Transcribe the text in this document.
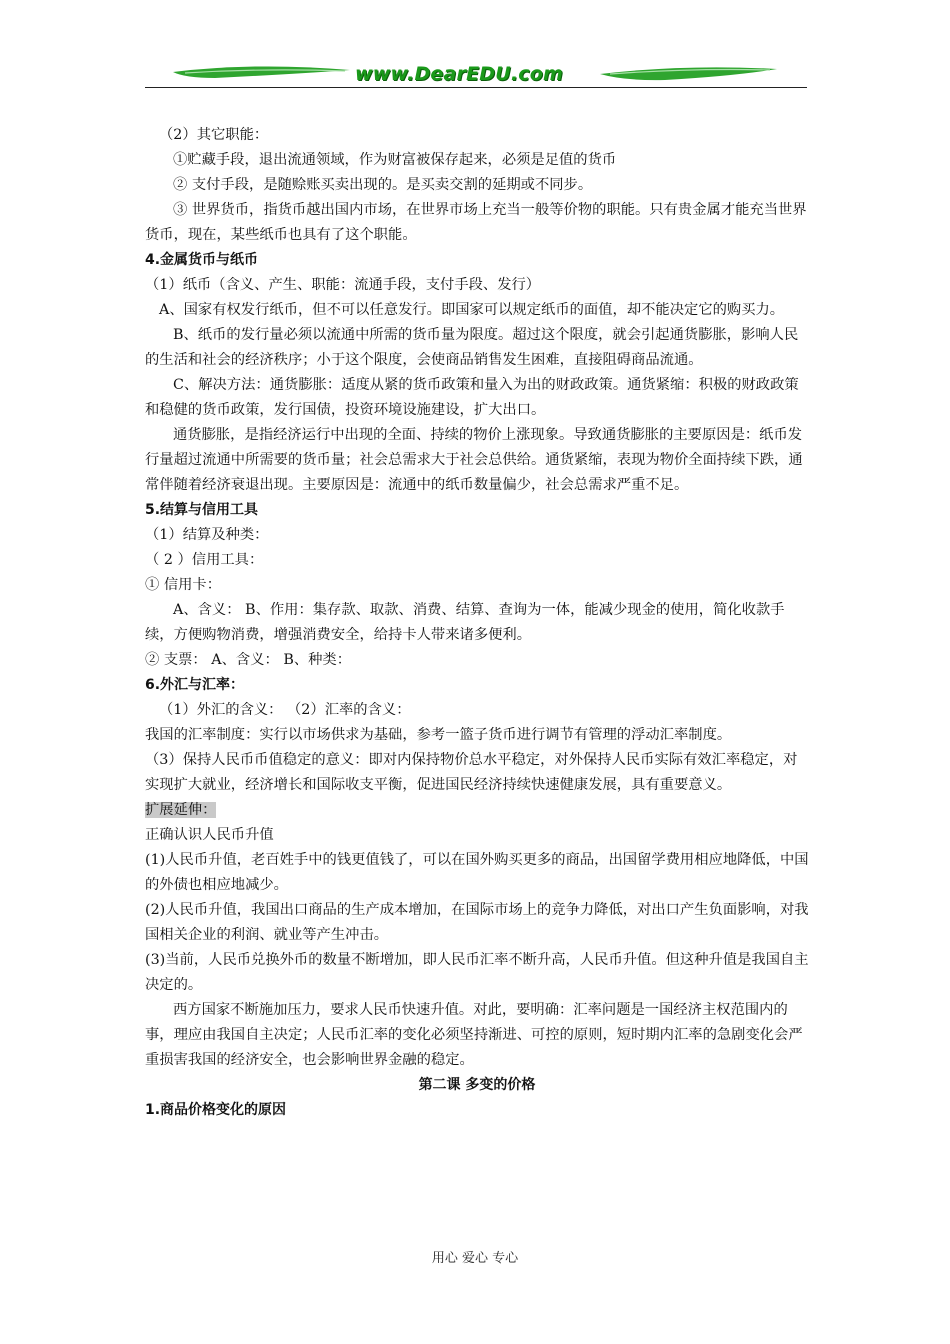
www.DearEDU.com

（2）其它职能：

①贮藏手段，退出流通领域，作为财富被保存起来，必须是足值的货币

② 支付手段，是随赊账买卖出现的。是买卖交割的延期或不同步。

③ 世界货币，指货币越出国内市场，在世界市场上充当一般等价物的职能。只有贵金属才能充当世界货币，现在，某些纸币也具有了这个职能。

4.金属货币与纸币

（1）纸币（含义、产生、职能：流通手段，支付手段、发行）

A、国家有权发行纸币，但不可以任意发行。即国家可以规定纸币的面值，却不能决定它的购买力。

B、纸币的发行量必须以流通中所需的货币量为限度。超过这个限度，就会引起通货膨胀，影响人民的生活和社会的经济秩序；小于这个限度，会使商品销售发生困难，直接阻碍商品流通。

C、解决方法：通货膨胀：适度从紧的货币政策和量入为出的财政政策。通货紧缩：积极的财政政策和稳健的货币政策，发行国债，投资环境设施建设，扩大出口。

通货膨胀，是指经济运行中出现的全面、持续的物价上涨现象。导致通货膨胀的主要原因是：纸币发行量超过流通中所需要的货币量；社会总需求大于社会总供给。通货紧缩，表现为物价全面持续下跌，通常伴随着经济衰退出现。主要原因是：流通中的纸币数量偏少，社会总需求严重不足。

5.结算与信用工具

（1）结算及种类：

（ 2 ）信用工具：

① 信用卡：

A、含义： B、作用：集存款、取款、消费、结算、查询为一体，能减少现金的使用，简化收款手续，方便购物消费，增强消费安全，给持卡人带来诸多便利。

② 支票： A、含义： B、种类：

6.外汇与汇率：

（1）外汇的含义： （2）汇率的含义：

我国的汇率制度：实行以市场供求为基础，参考一篮子货币进行调节有管理的浮动汇率制度。

（3）保持人民币币值稳定的意义：即对内保持物价总水平稳定，对外保持人民币实际有效汇率稳定，对实现扩大就业，经济增长和国际收支平衡，促进国民经济持续快速健康发展，具有重要意义。

扩展延伸：

正确认识人民币升值

(1)人民币升值，老百姓手中的钱更值钱了，可以在国外购买更多的商品，出国留学费用相应地降低，中国的外债也相应地减少。

(2)人民币升值，我国出口商品的生产成本增加，在国际市场上的竞争力降低，对出口产生负面影响，对我国相关企业的利润、就业等产生冲击。

(3)当前，人民币兑换外币的数量不断增加，即人民币汇率不断升高，人民币升值。但这种升值是我国自主决定的。

西方国家不断施加压力，要求人民币快速升值。对此，要明确：汇率问题是一国经济主权范围内的事，理应由我国自主决定；人民币汇率的变化必须坚持渐进、可控的原则，短时期内汇率的急剧变化会严重损害我国的经济安全，也会影响世界金融的稳定。

第二课 多变的价格

1.商品价格变化的原因

用心 爱心 专心
